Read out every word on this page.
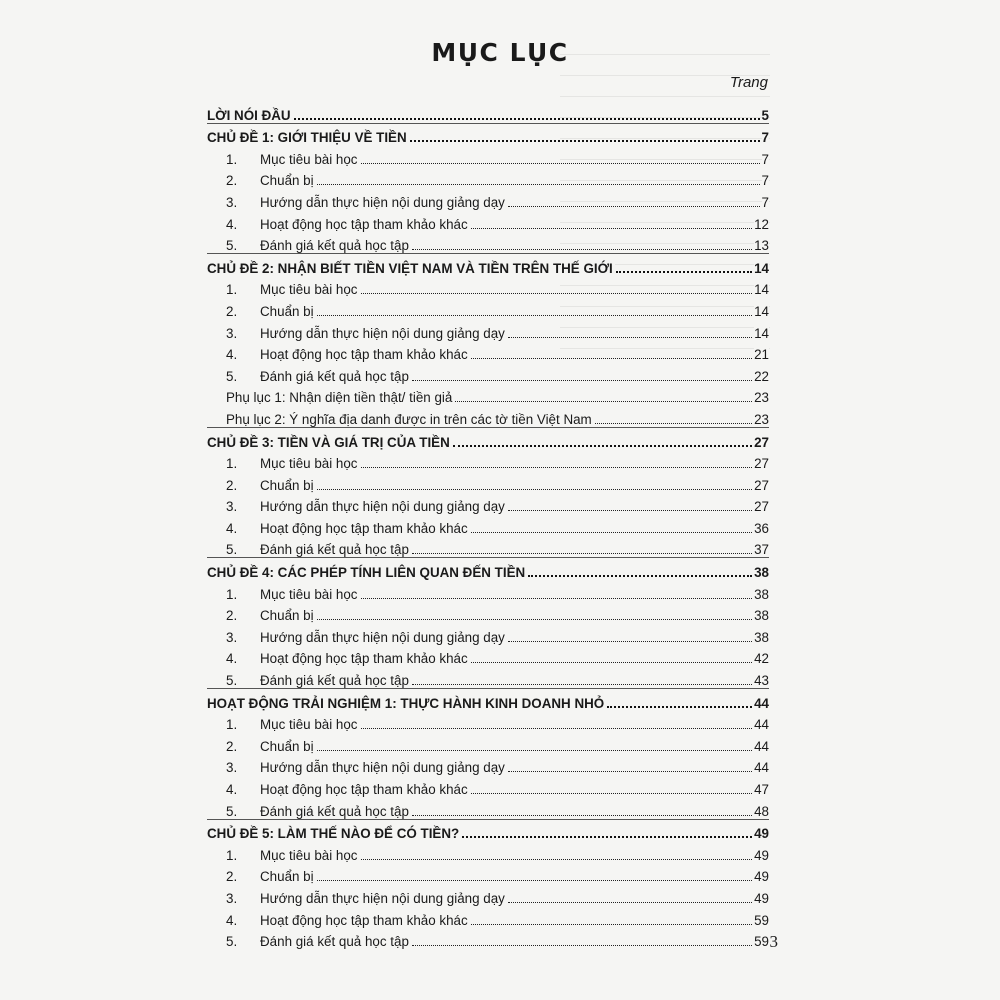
MỤC LỤC
Trang
LỜI NÓI ĐẦU	5
CHỦ ĐỀ 1: GIỚI THIỆU VỀ TIỀN	7
1. Mục tiêu bài học	7
2. Chuẩn bị	7
3. Hướng dẫn thực hiện nội dung giảng dạy	7
4. Hoạt động học tập tham khảo khác	12
5. Đánh giá kết quả học tập	13
CHỦ ĐỀ 2: NHẬN BIẾT TIỀN VIỆT NAM VÀ TIỀN TRÊN THẾ GIỚI	14
1. Mục tiêu bài học	14
2. Chuẩn bị	14
3. Hướng dẫn thực hiện nội dung giảng dạy	14
4. Hoạt động học tập tham khảo khác	21
5. Đánh giá kết quả học tập	22
Phụ lục 1: Nhận diện tiền thật/ tiền giả	23
Phụ lục 2: Ý nghĩa địa danh được in trên các tờ tiền Việt Nam	23
CHỦ ĐỀ 3: TIỀN VÀ GIÁ TRỊ CỦA TIỀN	27
1. Mục tiêu bài học	27
2. Chuẩn bị	27
3. Hướng dẫn thực hiện nội dung giảng dạy	27
4. Hoạt động học tập tham khảo khác	36
5. Đánh giá kết quả học tập	37
CHỦ ĐỀ 4: CÁC PHÉP TÍNH LIÊN QUAN ĐẾN TIỀN	38
1. Mục tiêu bài học	38
2. Chuẩn bị	38
3. Hướng dẫn thực hiện nội dung giảng dạy	38
4. Hoạt động học tập tham khảo khác	42
5. Đánh giá kết quả học tập	43
HOẠT ĐỘNG TRẢI NGHIỆM 1: THỰC HÀNH KINH DOANH NHỎ	44
1. Mục tiêu bài học	44
2. Chuẩn bị	44
3. Hướng dẫn thực hiện nội dung giảng dạy	44
4. Hoạt động học tập tham khảo khác	47
5. Đánh giá kết quả học tập	48
CHỦ ĐỀ 5: LÀM THẾ NÀO ĐỂ CÓ TIỀN?	49
1. Mục tiêu bài học	49
2. Chuẩn bị	49
3. Hướng dẫn thực hiện nội dung giảng dạy	49
4. Hoạt động học tập tham khảo khác	59
5. Đánh giá kết quả học tập	59 3
